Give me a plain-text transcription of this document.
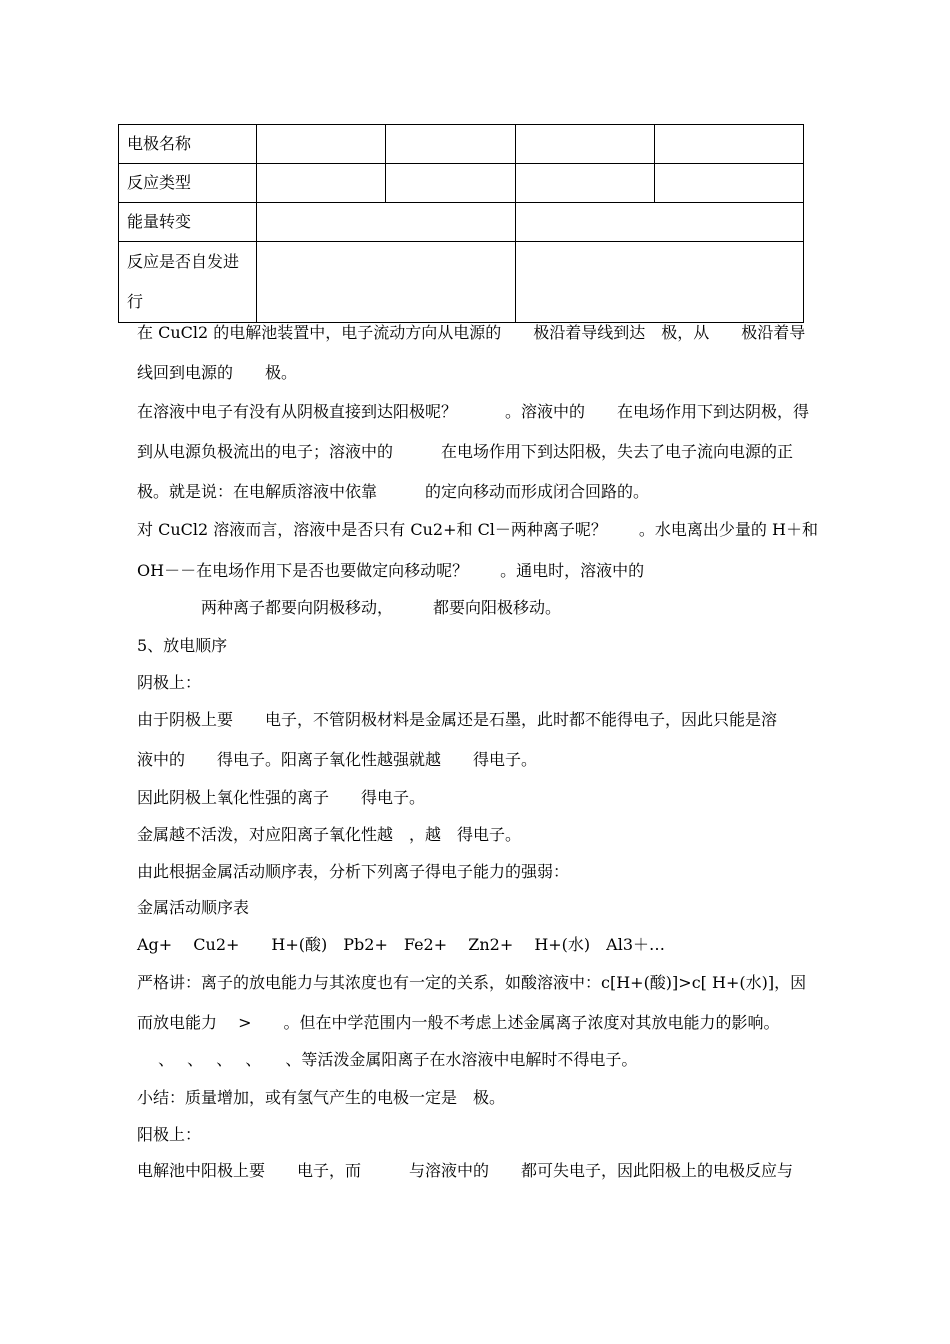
电极名称				
反应类型				
能量转变				
反应是否自发进行				
在 CuCl2 的电解池装置中，电子流动方向从电源的　　极沿着导线到达　极，从　　极沿着导
线回到电源的　　极。
在溶液中电子有没有从阴极直接到达阳极呢？　　　。溶液中的　　在电场作用下到达阴极，得
到从电源负极流出的电子；溶液中的　　　在电场作用下到达阳极，失去了电子流向电源的正
极。就是说：在电解质溶液中依靠　　　的定向移动而形成闭合回路的。
对 CuCl2 溶液而言，溶液中是否只有 Cu2+和 Cl－两种离子呢？　　。水电离出少量的 H＋和
OH－－在电场作用下是否也要做定向移动呢？　　。通电时，溶液中的
　　　　两种离子都要向阴极移动，　　　都要向阳极移动。
5、放电顺序
阴极上：
由于阴极上要　　电子，不管阴极材料是金属还是石墨，此时都不能得电子，因此只能是溶
液中的　　得电子。阳离子氧化性越强就越　　得电子。
因此阴极上氧化性强的离子　　得电子。
金属越不活泼，对应阳离子氧化性越　，越　得电子。
由此根据金属活动顺序表，分析下列离子得电子能力的强弱：
金属活动顺序表
Ag+　 Cu2+　　H+(酸)　Pb2+　Fe2+　 Zn2+　 H+(水)　Al3＋…
严格讲：离子的放电能力与其浓度也有一定的关系，如酸溶液中：c[H+(酸)]>c[ H+(水)]，因
而放电能力　 >　　。但在中学范围内一般不考虑上述金属离子浓度对其放电能力的影响。
　 、　 、　 、　 、　　、等活泼金属阳离子在水溶液中电解时不得电子。
小结：质量增加，或有氢气产生的电极一定是　极。
阳极上：
电解池中阳极上要　　电子，而　　　与溶液中的　　都可失电子，因此阳极上的电极反应与
